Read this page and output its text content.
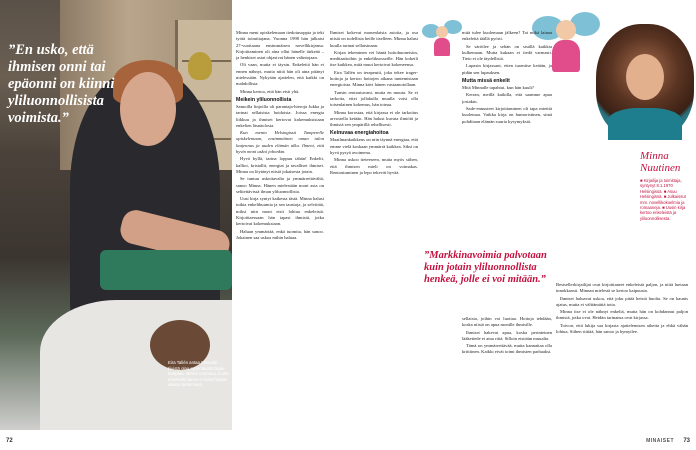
”En usko, että ihmisen onni tai epäonni on kiinni yliluonnollisista voimista.”
Eira Tallén antaa Minnalle tiivistä olaa syventävää trager-terapiaa. Minna rentoutui, mutta enkeleitä hänen ei tullut hoidon aikana tuntemaan.
72

Minna meni opiskelemaan tiedotusoppia ja teki työtä toimittajana. Vuonna 1998 hän julkaisi 27-vuotiaana ensimmäisen novellikirjansa. Kirjoittaminen oli aina ollut hänelle tärkeää – ja henkiset asiat ohjasivat hänen valintojaan.

Oli vaan, mutta ei täysin. Enkeleitä hän ei ennen nähnyt, mutta niitä hän oli aina pitänyt mielessään. Nykyään ajattelen, että kaikki on mahdollista.

Minna kertoo, että hän etsii yhä.

Meikein yliluonnollista

Samoilla linjoilla oli parantaja-hieroja Jukka ja tarinat sellaisista hoidoista. Joissa energia liikkuu ja ihmiset kertovat kokemuksistaan enkelien läsnäolosta.

Kun menin Helsingissä Tamperelle opiskelemaan, ensimmäinen oman talon laajennus ja uuden elämän alku. Ilmeni, että hyvin moni uskoi johonkin.

Hyvä kyllä, tarina loppuu tähän! Enkelit, kalliot, kristallit, energiat ja tavalliset ihmiset. Minna on löytänyt niistä jokaisesta jotain.

Se tuntuu uskottavalta ja ymmärrettävältä, sanoo Minna. Hänen mielestään moni asia on selitettävissä ilman yliluonnollista.

Uusi kirja syntyi kaikesta tästä. Minna halusi tutkia enkelibuumia ja sen taustoja, ja selvittää, miksi niin moni etsii lohtua enkeleistä. Kirjoittaessaan hän tapasi ihmisiä, jotka kertoivat kokemuksiaan.

Haluan ymmärtää, enkä tuomita, hän sanoo. Jokainen saa uskoa mihin haluaa.

Ihmiset kokevat monenlaisia asioita, ja osa niistä on todellisia heille itselleen. Minna halusi kuulla tarinat sellaisinaan.

Kirjan tekeminen vei häntä hoitohuoneisiin, meditaatioihin ja enkelikursseille. Hän kokeili itse kaikkea, mitä muut kertoivat kokeneensa.

Eira Tallén on terapeutti, joka tekee trager-hoitoja ja kertoo hoitojen aikana tuntemistaan energioista. Minna kävi hänen vastaanotollaan.

Tunsin rentoutuvani, mutta en muuta. Se ei tarkoita, ettei jollakulla muulla voisi olla toisenlainen kokemus, hän toteaa.

Minna korostaa, että kirjassa ei ole tarkoitus arvostella ketään. Hän halusi kuvata ilmiötä ja ihmisiä sen ympärillä rehellisesti.

Keinuvaa energiahoitoa

Maailmankaikkeus on niin täynnä energiaa, että emme vielä koskaan ymmärrä kaikkea. Siksi on hyvä pysyä avoimena.

Minna uskoo tieteeseen, mutta myös siihen, että ihmisen mieli on voimakas. Rentoutuminen ja lepo tekevät hyvää.

mitä tulee kuolemaan jälkeen? Tai mikä lainaa enkeleitä täällä pyörii.

Se säröilee ja sehän on sisällä kaikkia kulkemaan. Mutta kukaan ei tiedä varmasti. Tieto ei ole täydellistä.

Lupasin kirjassani, etten tuomitse ketään, ja pidän sen lupauksen.

Mutta missä enkelit

Mitä Minnalle tapahtui, kun hän kuuli?

Kerran, meillä kaikilla, että saamme apua jostakin.

Sade-ennusteet kirjoittaminen oli tapa miettiä kuolemaa. Vaikka kirja on humoristinen, siinä pohditaan elämän suuria kysymyksiä.

”Markkinavoimia palvotaan kuin jotain yliluonnollista henkeä, jolle ei voi mitään.”

sellaisia, joihin voi luottaa. Hoitoja tehdään, koska niistä on apua monille ihmisille.

Ihmiset hakevat apua, koska perinteinen lääketiede ei aina riitä. Silloin etsitään muualta.

Tämä on ymmärrettävää, mutta kannattaa olla kriittinen. Kaikki eivät toimi ihmisten parhaaksi.

Bestsellerkirjailijat ovat kirjoittaneet enkeleistä paljon, ja niitä luetaan innokkaasti. Minnan mielestä se kertoo kaipuusta.

Ihmiset haluavat uskoa, että joku pitää heistä huolta. Se on kaunis ajatus, mutta ei välttämättä totta.

Minna itse ei ole nähnyt enkeliä, mutta hän on kohdannut paljon ihmisiä, jotka ovat. Heidän tarinansa ovat kirjassa.

Toivon, että lukija saa kirjasta ajattelemisen aihetta ja ehkä vähän lohtua. Siihen riittää, hän sanoo ja hymyilee.

Minna Nuutinen
■ Kirjailija ja toimittaja, syntynyt 8.1.1970 Helsingissä. ■ Asuu Helsingissä. ■ Julkaissut mm. novellikokoelmia ja romaaneja. ■ Uusin kirja kertoo enkeleistä ja yliluonnollisesta.
MINAISET 73
